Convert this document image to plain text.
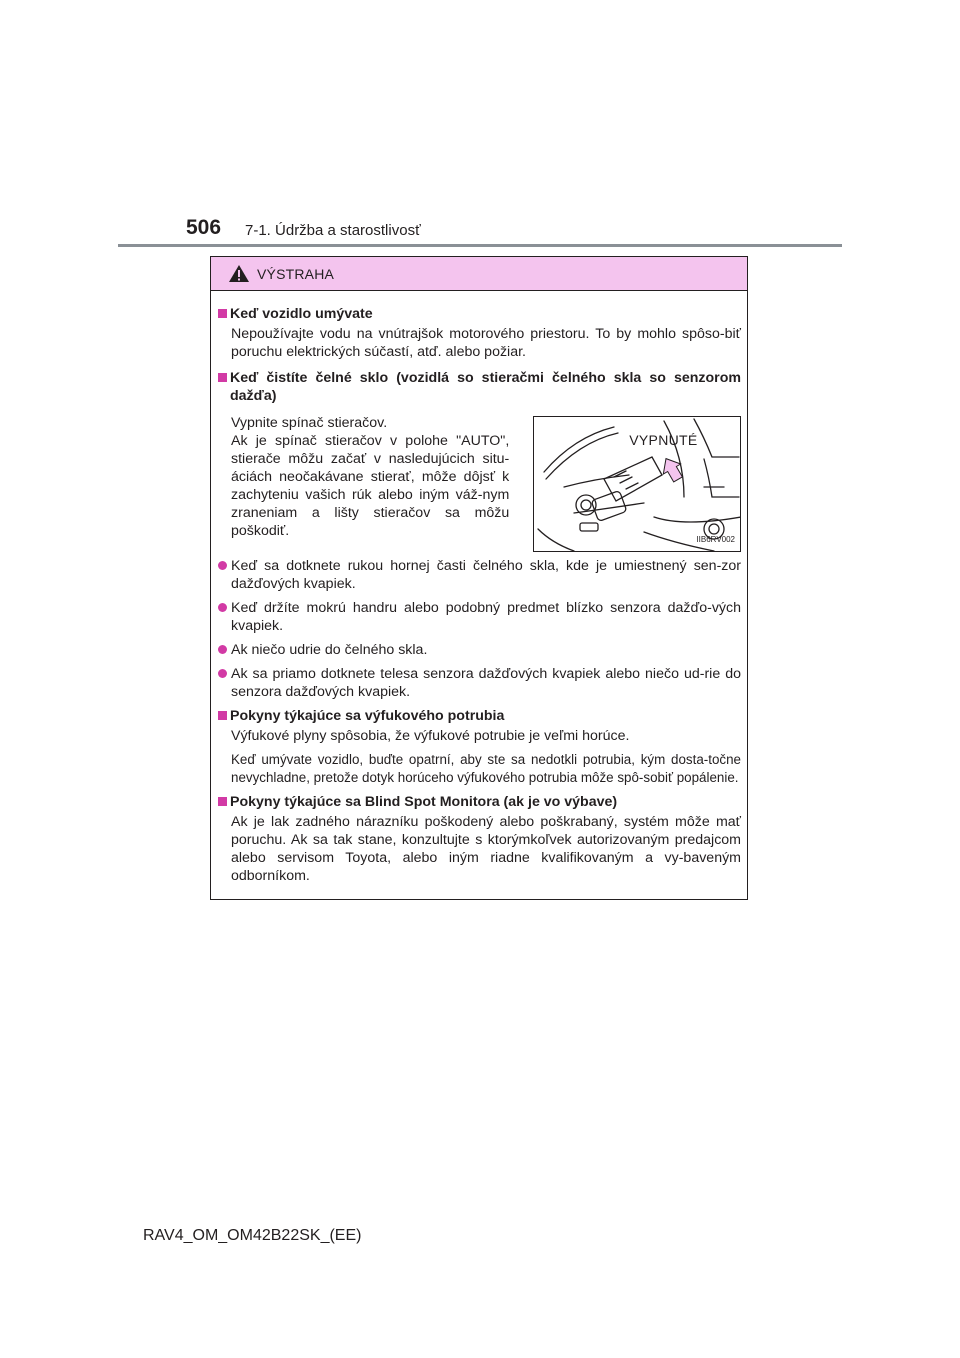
506 7-1. Údržba a starostlivosť
VÝSTRAHA
Keď vozidlo umývate
Nepoužívajte vodu na vnútrajšok motorového priestoru. To by mohlo spôso-biť poruchu elektrických súčastí, atď. alebo požiar.
Keď čistíte čelné sklo (vozidlá so stieračmi čelného skla so senzorom dažďa)
Vypnite spínač stieračov.
Ak je spínač stieračov v polohe "AUTO", stierače môžu začať v nasledujúcich situ-áciách neočakávane stierať, môže dôjsť k zachyteniu vašich rúk alebo iným váž-nym zraneniam a lišty stieračov sa môžu poškodiť.
VYPNUTÉ
IIB6RV002
Keď sa dotknete rukou hornej časti čelného skla, kde je umiestnený sen-zor dažďových kvapiek.
Keď držíte mokrú handru alebo podobný predmet blízko senzora dažďo-vých kvapiek.
Ak niečo udrie do čelného skla.
Ak sa priamo dotknete telesa senzora dažďových kvapiek alebo niečo ud-rie do senzora dažďových kvapiek.
Pokyny týkajúce sa výfukového potrubia
Výfukové plyny spôsobia, že výfukové potrubie je veľmi horúce.
Keď umývate vozidlo, buďte opatrní, aby ste sa nedotkli potrubia, kým dosta-točne nevychladne, pretože dotyk horúceho výfukového potrubia môže spô-sobiť popálenie.
Pokyny týkajúce sa Blind Spot Monitora (ak je vo výbave)
Ak je lak zadného nárazníku poškodený alebo poškrabaný, systém môže mať poruchu. Ak sa tak stane, konzultujte s ktorýmkoľvek autorizovaným predajcom alebo servisom Toyota, alebo iným riadne kvalifikovaným a vy-baveným odborníkom.
RAV4_OM_OM42B22SK_(EE)
